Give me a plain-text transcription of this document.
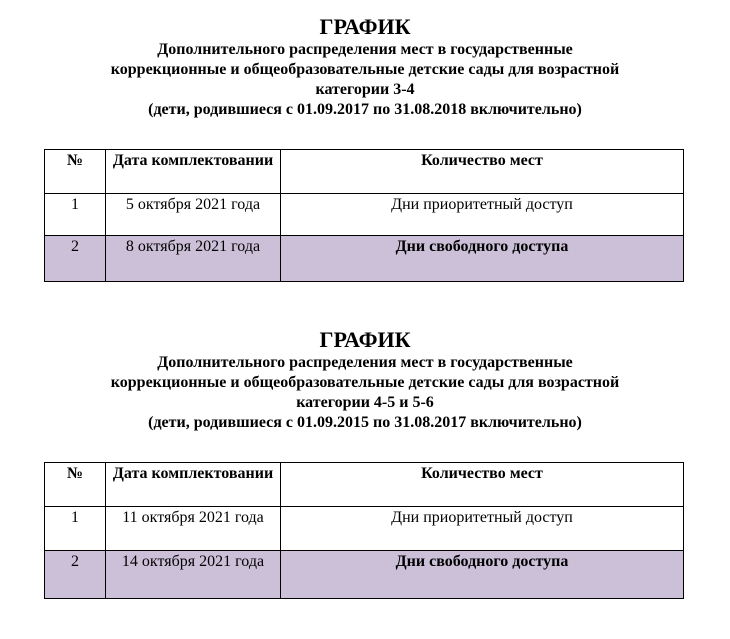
ГРАФИК
Дополнительного распределения мест в государственные
коррекционные и общеобразовательные детские сады для возрастной
категории 3-4
(дети, родившиеся с 01.09.2017 по 31.08.2018 включительно)
№	Дата комплектовании	Количество мест
1	5 октября 2021 года	Дни приоритетный доступ
2	8 октября 2021 года	Дни свободного доступа
ГРАФИК
Дополнительного распределения мест в государственные
коррекционные и общеобразовательные детские сады для возрастной
категории 4-5 и 5-6
(дети, родившиеся с 01.09.2015 по 31.08.2017 включительно)
№	Дата комплектовании	Количество мест
1	11 октября 2021 года	Дни приоритетный доступ
2	14 октября 2021 года	Дни свободного доступа
